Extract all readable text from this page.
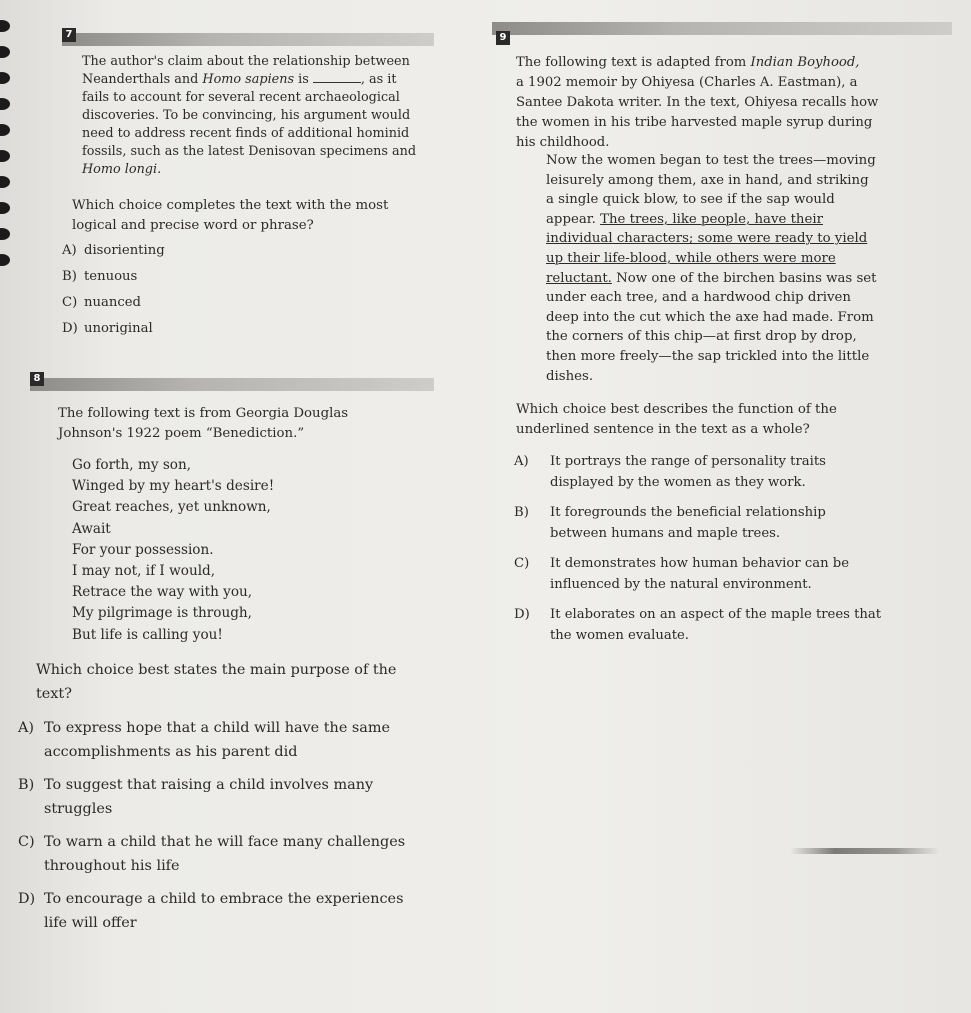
7

The author's claim about the relationship between

Neanderthals and Homo sapiens is	, as it

fails to account for several recent archaeological

discoveries. To be convincing, his argument would

need to address recent finds of additional hominid

fossils, such as the latest Denisovan specimens and

Homo longi.

Which choice completes the text with the most

logical and precise word or phrase?

A) disorienting
B) tenuous
C) nuanced
D) unoriginal
8

The following text is from Georgia Douglas

Johnson's 1922 poem “Benediction.”

Go forth, my son,

Winged by my heart's desire!

Great reaches, yet unknown,

Await

For your possession.

I may not, if I would,

Retrace the way with you,

My pilgrimage is through,

But life is calling you!

Which choice best states the main purpose of the

text?

A) To express hope that a child will have the same
accomplishments as his parent did
B) To suggest that raising a child involves many
struggles
C) To warn a child that he will face many challenges
throughout his life
D) To encourage a child to embrace the experiences
life will offer
9

The following text is adapted from Indian Boyhood,

a 1902 memoir by Ohiyesa (Charles A. Eastman), a

Santee Dakota writer. In the text, Ohiyesa recalls how

the women in his tribe harvested maple syrup during

his childhood.

Now the women began to test the trees—moving

leisurely among them, axe in hand, and striking

a single quick blow, to see if the sap would

appear. The trees, like people, have their

individual characters; some were ready to yield

up their life-blood, while others were more

reluctant. Now one of the birchen basins was set

under each tree, and a hardwood chip driven

deep into the cut which the axe had made. From

the corners of this chip—at first drop by drop,

then more freely—the sap trickled into the little

dishes.

Which choice best describes the function of the

underlined sentence in the text as a whole?

A)	It portrays the range of personality traits
displayed by the women as they work.
B)	It foregrounds the beneficial relationship
between humans and maple trees.
C)	It demonstrates how human behavior can be
influenced by the natural environment.
D)	It elaborates on an aspect of the maple trees that
the women evaluate.
